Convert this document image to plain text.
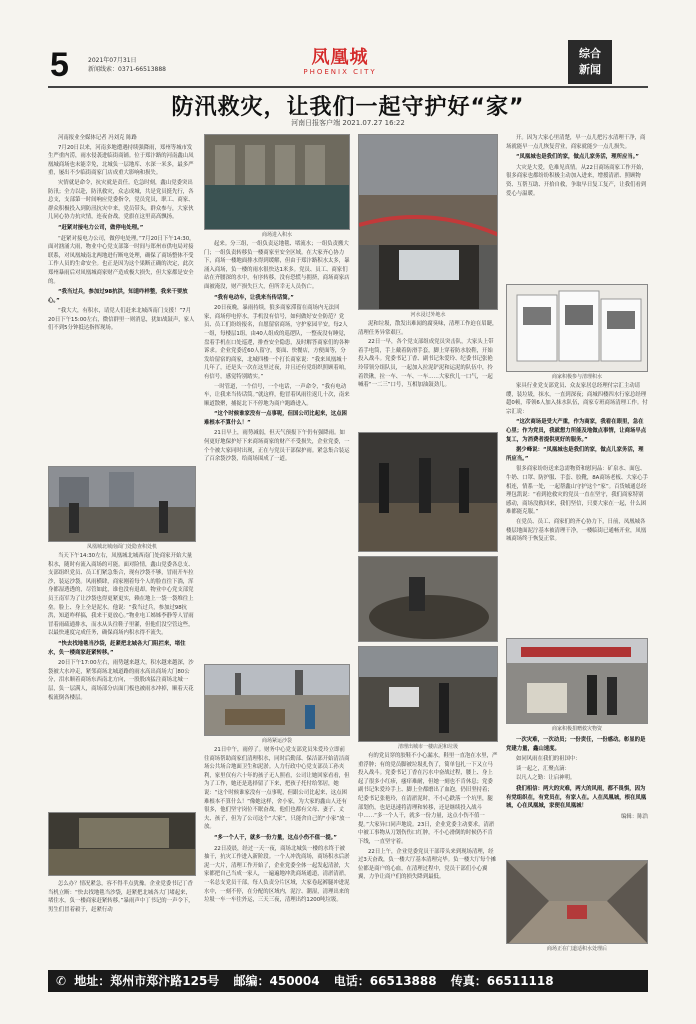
5	2021年07月31日
新闻线索：0371-66513888
凤凰城
PHOENIX CITY
综合
新闻
防汛救灾，让我们一起守护好“家”
河南日报客户端 2021.07.27 16:22

河南报业全媒体记者 冯刘克 陈路

7月20日以来，河南多地遭遇持续强降雨，郑州等城市发生严重内涝，雨水侵袭进临街商铺。位于郑汴路的河南鑫山凤凰城商场也未能幸免，北城负一层地库、水深一米多，最多严重，屡出不少临街商家门店成重大影响和损失。

灾情就是命令，抗灾就是责任。危急时刻，鑫山党委突出防汛；全力以赴，防汛救灾，众志成城，共是党员挺先行，各总支，支部第一时间响应党委指令，党员党员，职工、商家、群众积极投入到防汛抗灾中来，党员带头，群众参与，大家伙儿同心协力抗灾情，连夜奋战，党旗在这里高高飘扬。

“赶紧对接电力公司，做停电处理。”

“赶紧对接电力公司，做停电处理。”7月20日下午14:30，面对汹涌大雨，物业中心党支部第一时间与郑州市供电局对接联系，对凤凰城南北两地进行断电处理，确保了商场整体不受工作人员的生命安全。也正是因为这个果断正确的决定，此次郑州暴雨后对凤凰城商家财产造成极大损失，但大家都是安全的。

“我当过兵，参加过98抗洪，知道咋样整，我来干要放心。”

“我大大，有积水，请党人们赶来北城西南门支援！”7月20日下午15:00左右，微信群里一则消息，犹如战鼓声，家人们不到5分钟抵达指挥现场。

凤凰城北城南面门处隐查积处机

当天下午14:30左右，凤凰城北城西南门处商家开始大量积水，随时有流入商场的可能。面对险情，鑫山党委各总支、支部组织党员、员工们紧急集合，现有沙袋不够，冒雨开车拉沙，装运沙袋。风雨横肆，商家刚着每个人的脸直往下淌，浑身都湿透透的，尽管如此，谁也没有退却。物业中心党支部党员王南军为了让沙袋也得更紧更实，赖在地上一袋一袋堆往上垒。脸上、身上全是泥水。他说：“我当过兵，参加过98抗洪，知道咋样搞，我来干更放心。”物业电工姊姊李静等人冒雨冒着雨疏通排水，而水从头往鞋子里灌，但他们没空管这些，以最快速度完成任务，确保商场内积水得不流失。

“快去找地毯当沙袋，赶紧把北城各大门阻拦来，堵住水，负一楼商家赶紧转移。”

20日下午17:00左右，雨势越来越大，积水越来越深，沙袋被大水冲走，紧邻商场北城道路的雨水高出商场大门80公分，泪水顺着商场东西南北方向，一股股凶猛注商场北城一层，负一层满人，商场部分店面门板也被雨水冲掉，顺着天花板流倒各楼层。

怎么办？情况紧急，容不得半点犹豫。企业党委书记丁香当机立断：“快去找地毯当沙袋，赶紧把北城各大门堵起来，堵住水，负一楼商家赶紧转移。”暴雨声中丁书记的一声令下，男生们冒着毅于，赶紧行动

商场进入积水

起来。分三组，一组负责运地毯、堵流水；一组负责搬大门；一组负责转移负一楼商家至安全区域。在大家齐心协力下，商场一楼地面排水得到缓解，但由于郑汴路积水太多，暴涌入商场，负一楼的雨水很快达1米多。党员、员工、商家们站在齐腰深的水中，有序转移，没有恐慌与拥挤，商场商家店面被淹没，财产损失巨大，但所幸无人员伤亡。

“我有电动车，让我来当传话筒。”

20日夜晚，暴雨持续，狼多商家滞留在商场内无法回家，商场停电停水，手机没有信号，如何做好安全防范？党员、员工们纷纷报名，自愿留宿商场，守护家园平安。每2人一组，每楼层1组，由40人组成的巡逻队，一整夜没有睡觉，盘着手机在口处巡逻，排查安全隐患，及时解答商家们的各种诉求。企业党委近60人留守，要面、快餐店，方便面等，分发给留宿的商家，北城四楼一个打长商家说：“我来凤凰城十几年了，还是头一次在这里过夜，并且还有党组织照顾着咱，有信号，感觉特别踏实。”

一时管道，一个信号，一个电话，一声命令，“我有电动车，让我来当传话筒。”就这样，他冒着风雨往返几十次，南来顺道散聚，捕捉北下不停地为商户跑路进入。

“这个时候谁家没有一点事呢，但国公司比起来，这点困难根本不算什么！”

21日早上，雨势减弱，但天气预报下午仍有强降雨。如何更好地保护好下来商场商家的财产不受损失，企业党委，一个个被大家同时出现，正在与党员干部保护雨。紧急集合装运了百余袋沙袋，给商场围成了一道。

商场紧运沙袋

21日中午，雨停了。财务中心党支部党员朱爱玲立即前往商场帮助商家们清理积水，同时后勤部、保洁部开始清洁商场公共场合地面卫生和泥淤。人力行政中心党支部员工孙夹利，家里仅有六十年的孩子无人照看，公司让她回家看看，但为了工作，她还是选择留了下来，把孩子托付给邻居，她说：“这个时候谁家没有一点事呢，但跟公司比起来，这点困难根本不算什么！”像她这样，舍小家，为大家的鑫山人还有很多，他们坚守岗位不眠奋战，他们也都有父母、妻子、丈夫、孩子，但为了公司这个“大家”，只能舍自己的“小家”放一放。

“多一个人干，就多一份力量，这点小伤不值一提。”

22日凌晨，经过一天一夜，商场北城负一楼的水终于被抽干，抗灾工作进入新阶段。一个人冲洗商场，商场积水后淤泥一大片，清理工作开始了，企业党委全体一起发起清淤，大家都把自己当成一家人，一遍遍地冲洗商场通道，清淤清淤，一名总支党员干部，每人负责分片区域，大家卷起裤腿冲进泥水中，一刻不停，在分配的区域内，泥泞、潮湿，清理出来的垃圾一车一车往外运，三天三夜，清理出约1200吨垃圾。

河水浸过外地水

泥和垃圾，散发出难闻的腐臭味，清理工作迫在眉睫，清理任务异常艰巨。

22日一早，各个党支部组成党员突击队，大家头上带着手电筒，手上戴着防滑手套，脚上穿着防水胶鞋，开始投入战斗。党委书记丁香、副书记朱爱玲、纪委书记张艳玲带领分组队员，一起加入拉泥铲泥和运泥的队伍中，拎着铁锹，拉一车、一车、一车……大家伙儿一口气，一起喊着“一二三”口号，互相加油鼓劲儿。

清理出城市一楼店泥和垃圾

有的党员穿的胶鞋不小心漏水，鞋里一直泡在水里，严重浮肿；有的党员脚被垃圾扎伤了，简单包扎一下又立马投入战斗。党委书记丁香在污水中奋战过程，腰上、身上起了很多小红疹，瘙痒难耐，但她一刻也不肯休息；党委副书记朱爱玲手上、脚上全都磨出了血泡，仍旧坚持着；纪委书记张艳玲，在清淤泥时，不小心跌落一个坑里，腿部划伤，也是迅速将清理和转移，还是继续投入战斗中……“多一个人干，就多一份力量，这点小伤不值一提。”大家异口同声地说。23日，企业党委主动要求，清淤中被工事物从刀划伤伤口红肿，不小心滑倒的时候仍不肯下线，一直坚守着。

22日上午，企业党委党员干部带头来到现场清理，经过3天奋战，负一楼大厅基本清理完毕。负一楼大厅每个摊位都是商户的心血，在清理过程中，党员干部们小心翼翼，力争让商户们的损失降到最低。

开。因为大家心里清楚，早一点儿把污水清理干净，商场就能早一点儿恢复营业，商家就能少一点儿损失。

“凤凰城也是我们的家，做点儿家务活，理所应当。”

大灾是大爱，危难见真情。从22日商场商家工作开始，很多商家也都纷纷积极主动加入进来，增援清淤、照顾物资、互帮互助、开拾自救，争取早日复工复产，让我们看到爱心与温暖。

商家积极参与清理积水

家具行业党支部党员、众友家居总经理付宗汇主动请缨，装垃圾，抹水，一直到深夜；商城四楼四水行家总经理超0顿，带领6人加入抹水队伍，商家专班商场清理工作。付宗汇说：

“这次商场是受大产重，作为商家，我看在眼里，急在心里；作为党员，我就想力所能及地做点事情，让商场早点复工，为消费者提供更好的服务。”

据少峰说：“凤凰城也是我们的家，做点儿家务活，理所应当。”

很多商家纷纷送来急需物资和慰问品：矿泉水、面包、牛奶、口罩、防护服、手套、胶靴，8A商场老板、大家心手相连，情系一处，一起帮鑫山守护这个“家”。百货城通总经理包凯说：“看到抢救灾的党员一直在坚守，我们商家特别感动，商场没救回来，我们坚信，只要大家在一起，什么困难都能克服。”

在党员、员工、商家们的齐心协力下，日前，凤凰城各楼层地面泥泞基本被清理干净，一楼临街已通畅开业，凤凰城商场终于恢复正常。

商家积极捐赠救灾物资

一次灾难，一次动员；一份责任，一份感动。彰显的是党建力量，鑫山速度。

如同风雨在我们的祖国中：

谈一起之，汇聚点滴：

以凡人之勤：让启神明。

我们相信：两大的灾难，两大的风雨，都不畏惧，因为有党组织在，有党员在，有家人在。人在凤凰城，根在凤凰城，心在凤凰城，家便在凤凰城！

编辑：陈浩

商场正在门道适积水处理后
✆ 地址：郑州市郑汴路125号 邮编：450004 电话：66513888 传真：66511118
